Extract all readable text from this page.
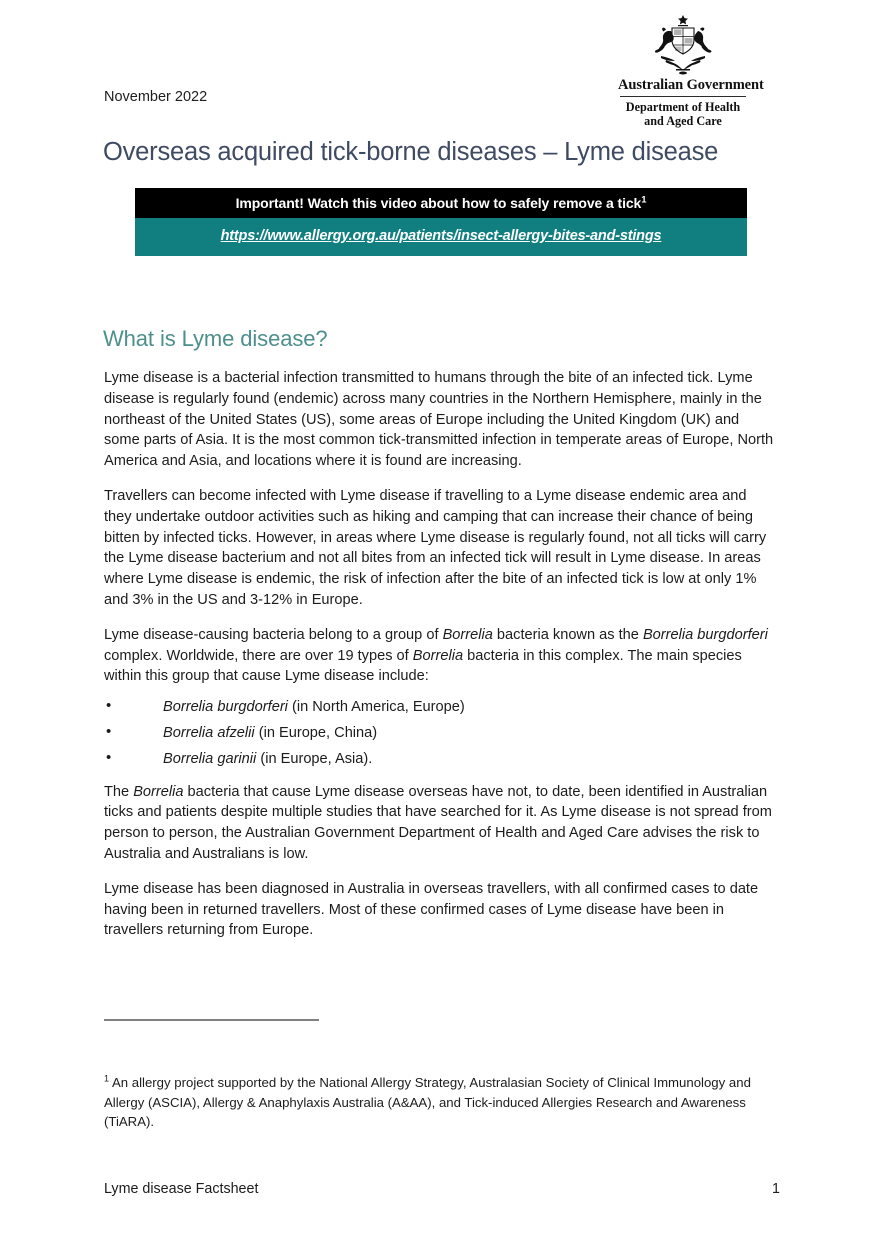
Australian Government
Department of Health
and Aged Care
November 2022
Overseas acquired tick-borne diseases – Lyme disease
Important! Watch this video about how to safely remove a tick$^1$
https://www.allergy.org.au/patients/insect-allergy-bites-and-stings
What is Lyme disease?

Lyme disease is a bacterial infection transmitted to humans through the bite of an infected tick. Lyme disease is regularly found (endemic) across many countries in the Northern Hemisphere, mainly in the northeast of the United States (US), some areas of Europe including the United Kingdom (UK) and some parts of Asia. It is the most common tick-transmitted infection in temperate areas of Europe, North America and Asia, and locations where it is found are increasing.

Travellers can become infected with Lyme disease if travelling to a Lyme disease endemic area and they undertake outdoor activities such as hiking and camping that can increase their chance of being bitten by infected ticks. However, in areas where Lyme disease is regularly found, not all ticks will carry the Lyme disease bacterium and not all bites from an infected tick will result in Lyme disease. In areas where Lyme disease is endemic, the risk of infection after the bite of an infected tick is low at only 1% and 3% in the US and 3-12% in Europe.

Lyme disease-causing bacteria belong to a group of Borrelia bacteria known as the Borrelia burgdorferi complex. Worldwide, there are over 19 types of Borrelia bacteria in this complex. The main species within this group that cause Lyme disease include:

• Borrelia burgdorferi (in North America, Europe)
• Borrelia afzelii (in Europe, China)
• Borrelia garinii (in Europe, Asia).

The Borrelia bacteria that cause Lyme disease overseas have not, to date, been identified in Australian ticks and patients despite multiple studies that have searched for it. As Lyme disease is not spread from person to person, the Australian Government Department of Health and Aged Care advises the risk to Australia and Australians is low.

Lyme disease has been diagnosed in Australia in overseas travellers, with all confirmed cases to date having been in returned travellers. Most of these confirmed cases of Lyme disease have been in travellers returning from Europe.

$^1$ An allergy project supported by the National Allergy Strategy, Australasian Society of Clinical Immunology and Allergy (ASCIA), Allergy & Anaphylaxis Australia (A&AA), and Tick-induced Allergies Research and Awareness (TiARA).
Lyme disease Factsheet	1
